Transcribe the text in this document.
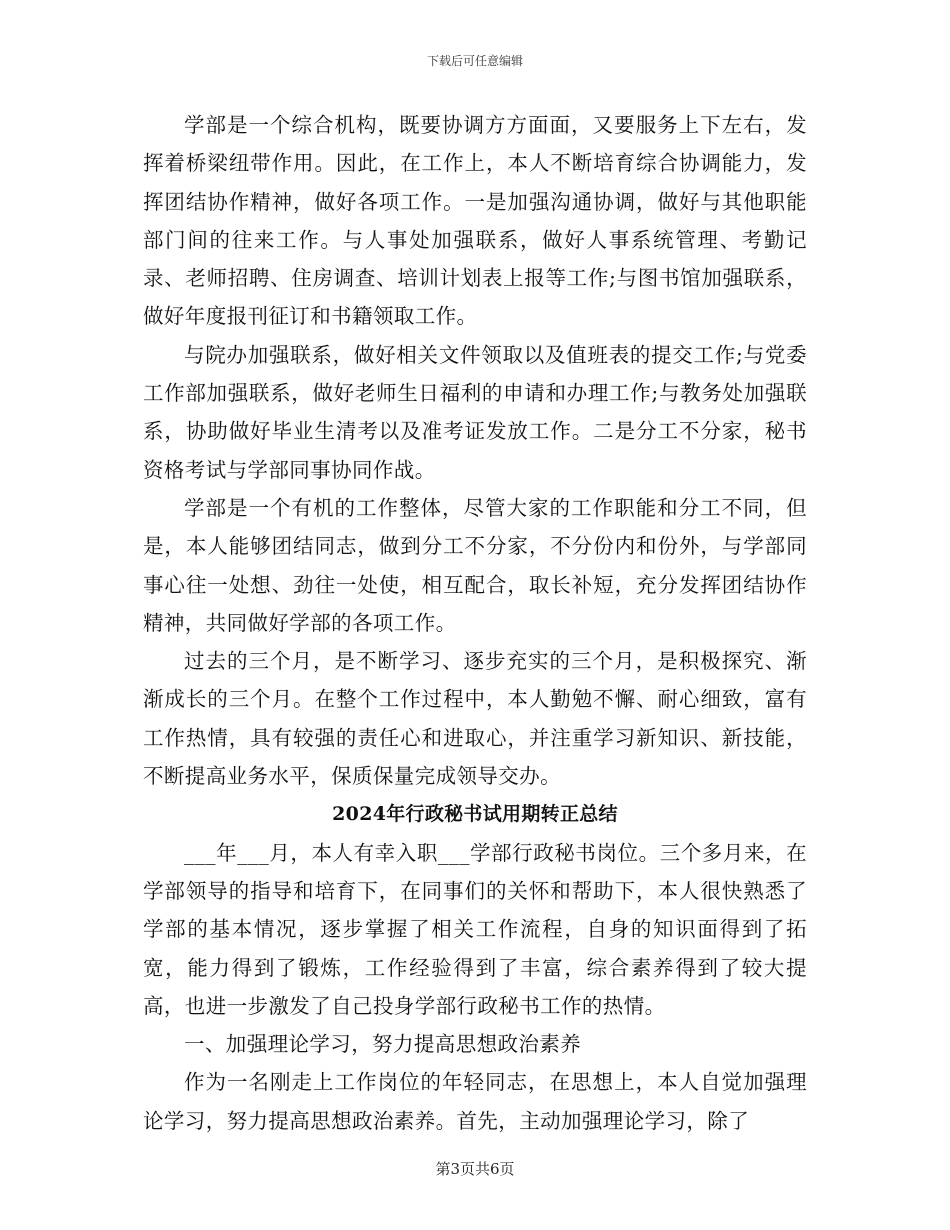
下载后可任意编辑

学部是一个综合机构，既要协调方方面面，又要服务上下左右，发挥着桥梁纽带作用。因此，在工作上，本人不断培育综合协调能力，发挥团结协作精神，做好各项工作。一是加强沟通协调，做好与其他职能部门间的往来工作。与人事处加强联系，做好人事系统管理、考勤记录、老师招聘、住房调查、培训计划表上报等工作;与图书馆加强联系，做好年度报刊征订和书籍领取工作。

与院办加强联系，做好相关文件领取以及值班表的提交工作;与党委工作部加强联系，做好老师生日福利的申请和办理工作;与教务处加强联系，协助做好毕业生清考以及准考证发放工作。二是分工不分家，秘书资格考试与学部同事协同作战。

学部是一个有机的工作整体，尽管大家的工作职能和分工不同，但是，本人能够团结同志，做到分工不分家，不分份内和份外，与学部同事心往一处想、劲往一处使，相互配合，取长补短，充分发挥团结协作精神，共同做好学部的各项工作。

过去的三个月，是不断学习、逐步充实的三个月，是积极探究、渐渐成长的三个月。在整个工作过程中，本人勤勉不懈、耐心细致，富有工作热情，具有较强的责任心和进取心，并注重学习新知识、新技能，不断提高业务水平，保质保量完成领导交办。

2024年行政秘书试用期转正总结

___年___月，本人有幸入职___学部行政秘书岗位。三个多月来，在学部领导的指导和培育下，在同事们的关怀和帮助下，本人很快熟悉了学部的基本情况，逐步掌握了相关工作流程，自身的知识面得到了拓宽，能力得到了锻炼，工作经验得到了丰富，综合素养得到了较大提高，也进一步激发了自己投身学部行政秘书工作的热情。

一、加强理论学习，努力提高思想政治素养

作为一名刚走上工作岗位的年轻同志，在思想上，本人自觉加强理论学习，努力提高思想政治素养。首先，主动加强理论学习，除了

第3页共6页
